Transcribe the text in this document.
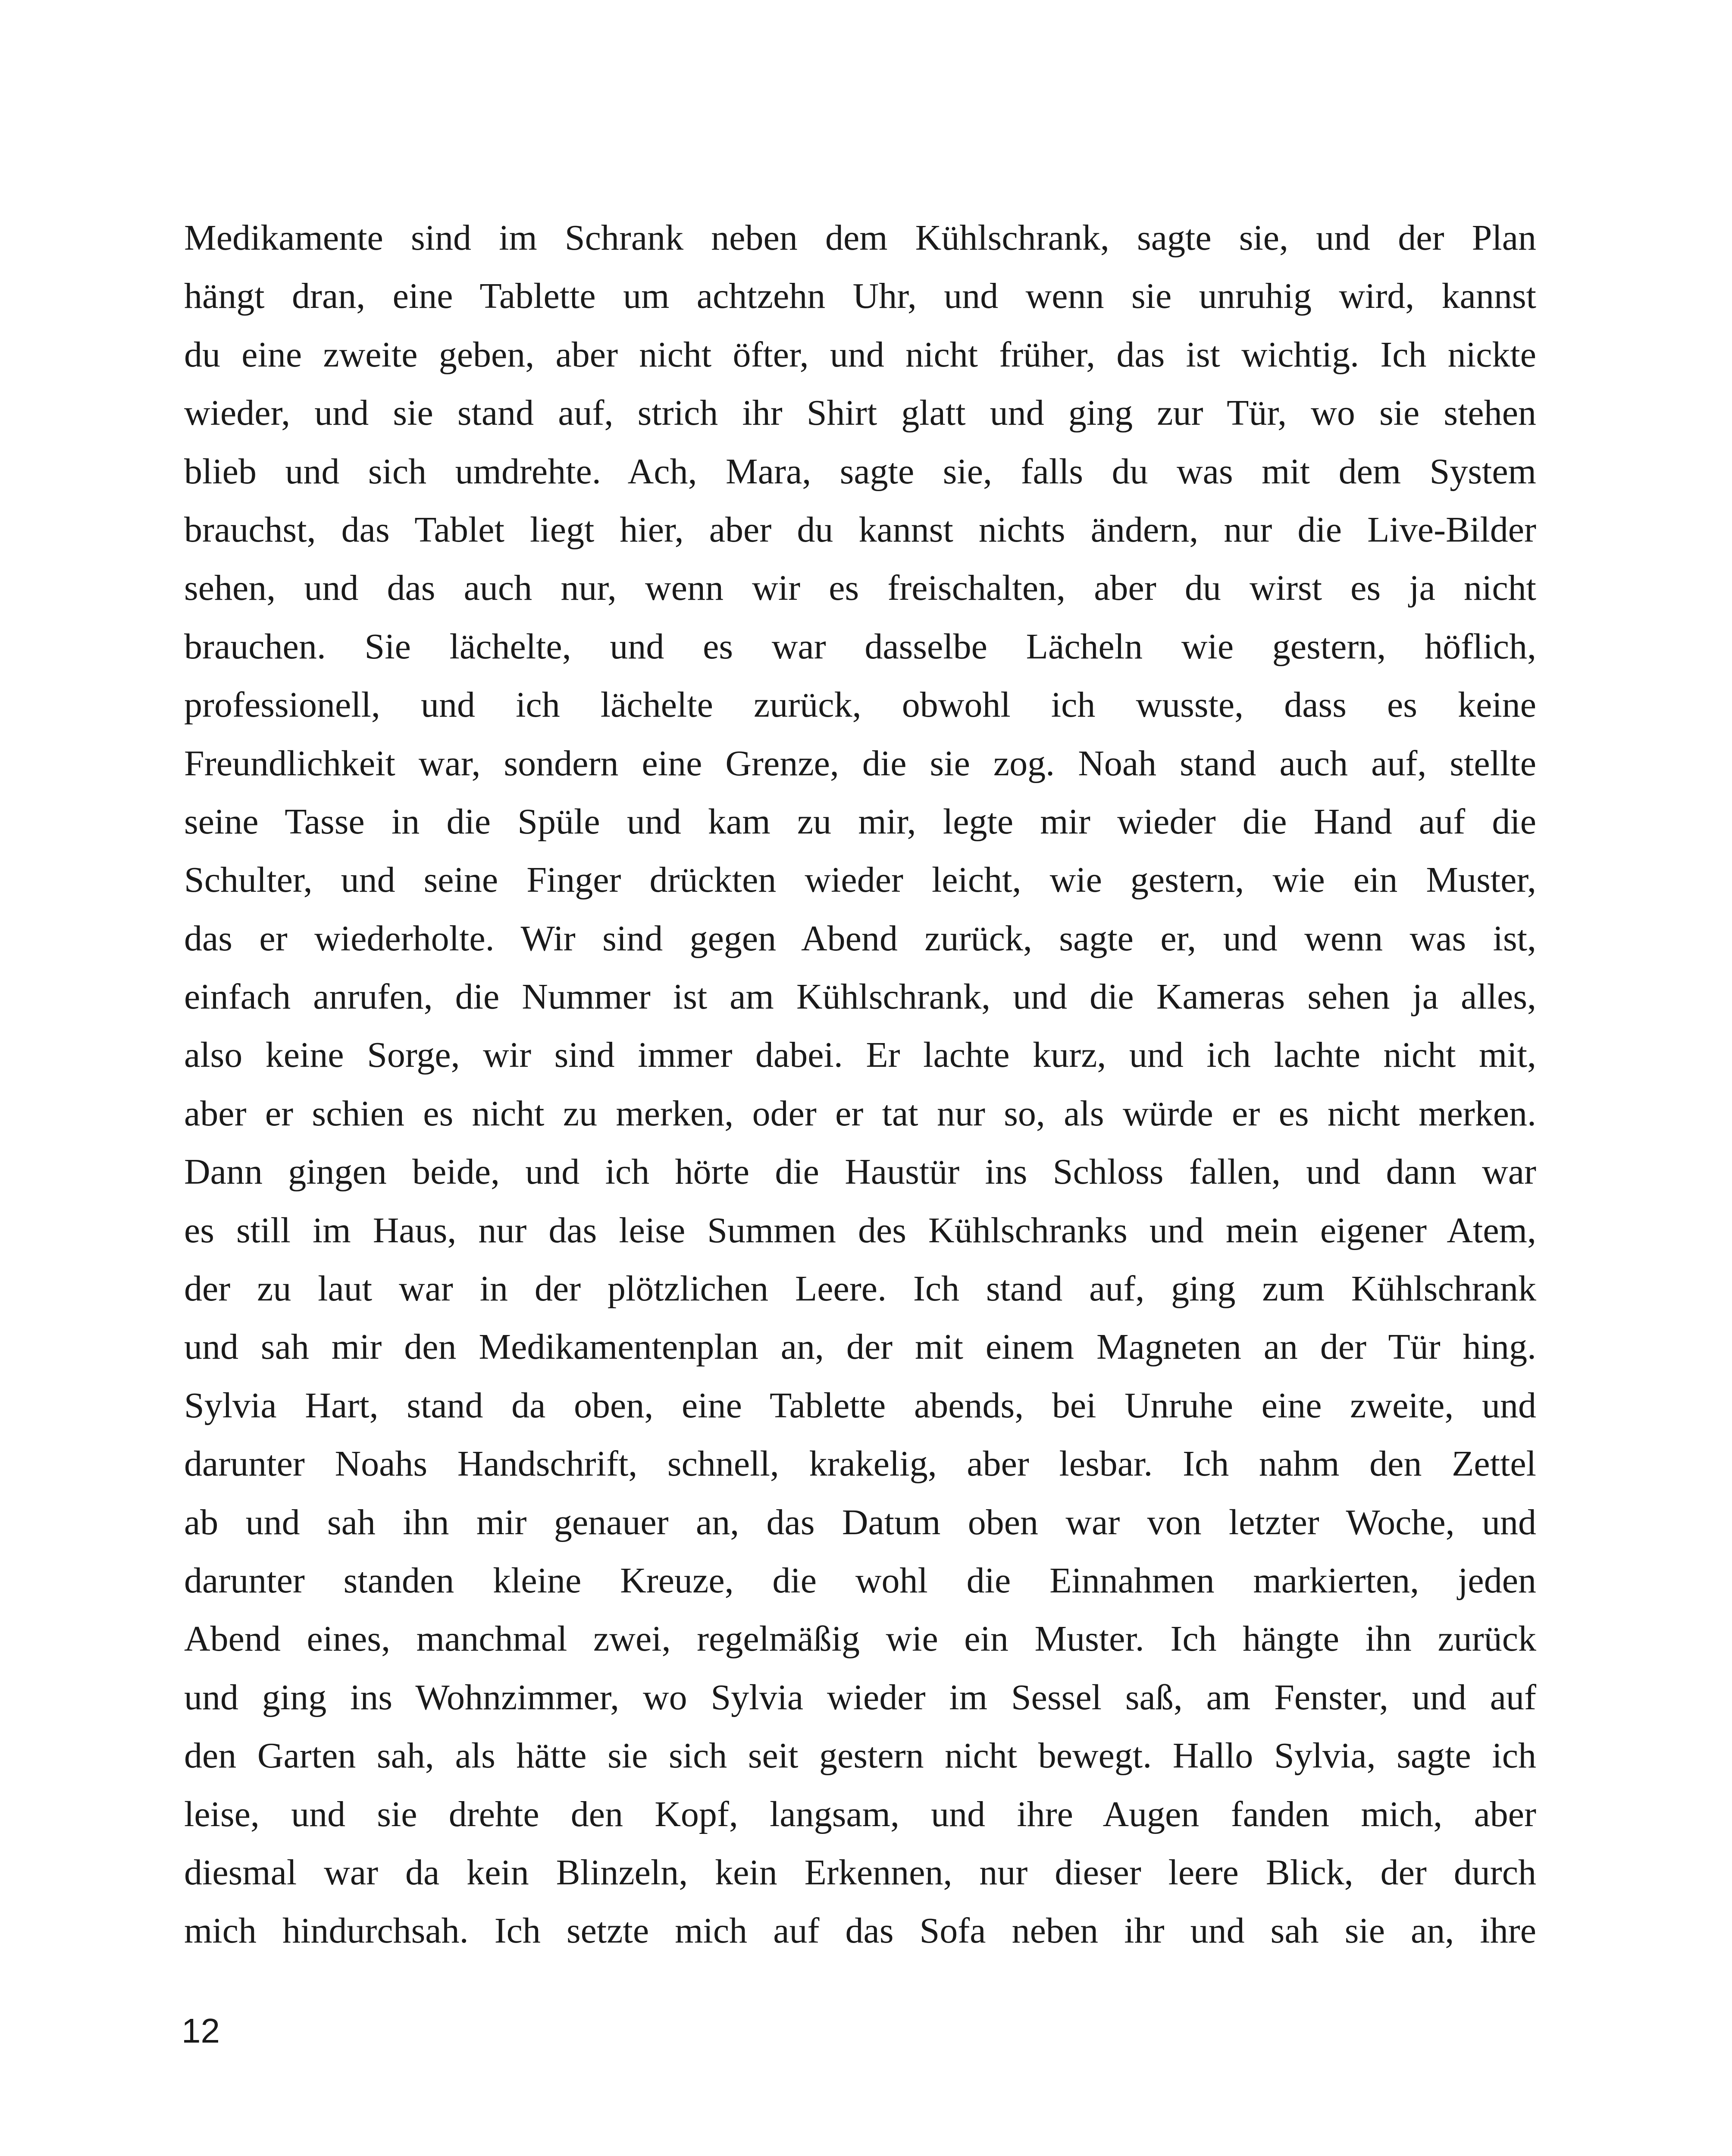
Medikamente sind im Schrank neben dem Kühlschrank, sagte sie, und der Plan
hängt dran, eine Tablette um achtzehn Uhr, und wenn sie unruhig wird, kannst
du eine zweite geben, aber nicht öfter, und nicht früher, das ist wichtig. Ich nickte
wieder, und sie stand auf, strich ihr Shirt glatt und ging zur Tür, wo sie stehen
blieb und sich umdrehte. Ach, Mara, sagte sie, falls du was mit dem System
brauchst, das Tablet liegt hier, aber du kannst nichts ändern, nur die Live-Bilder
sehen, und das auch nur, wenn wir es freischalten, aber du wirst es ja nicht
brauchen. Sie lächelte, und es war dasselbe Lächeln wie gestern, höflich,
professionell, und ich lächelte zurück, obwohl ich wusste, dass es keine
Freundlichkeit war, sondern eine Grenze, die sie zog. Noah stand auch auf, stellte
seine Tasse in die Spüle und kam zu mir, legte mir wieder die Hand auf die
Schulter, und seine Finger drückten wieder leicht, wie gestern, wie ein Muster,
das er wiederholte. Wir sind gegen Abend zurück, sagte er, und wenn was ist,
einfach anrufen, die Nummer ist am Kühlschrank, und die Kameras sehen ja alles,
also keine Sorge, wir sind immer dabei. Er lachte kurz, und ich lachte nicht mit,
aber er schien es nicht zu merken, oder er tat nur so, als würde er es nicht merken.
Dann gingen beide, und ich hörte die Haustür ins Schloss fallen, und dann war
es still im Haus, nur das leise Summen des Kühlschranks und mein eigener Atem,
der zu laut war in der plötzlichen Leere. Ich stand auf, ging zum Kühlschrank
und sah mir den Medikamentenplan an, der mit einem Magneten an der Tür hing.
Sylvia Hart, stand da oben, eine Tablette abends, bei Unruhe eine zweite, und
darunter Noahs Handschrift, schnell, krakelig, aber lesbar. Ich nahm den Zettel
ab und sah ihn mir genauer an, das Datum oben war von letzter Woche, und
darunter standen kleine Kreuze, die wohl die Einnahmen markierten, jeden
Abend eines, manchmal zwei, regelmäßig wie ein Muster. Ich hängte ihn zurück
und ging ins Wohnzimmer, wo Sylvia wieder im Sessel saß, am Fenster, und auf
den Garten sah, als hätte sie sich seit gestern nicht bewegt. Hallo Sylvia, sagte ich
leise, und sie drehte den Kopf, langsam, und ihre Augen fanden mich, aber
diesmal war da kein Blinzeln, kein Erkennen, nur dieser leere Blick, der durch
mich hindurchsah. Ich setzte mich auf das Sofa neben ihr und sah sie an, ihre
12
